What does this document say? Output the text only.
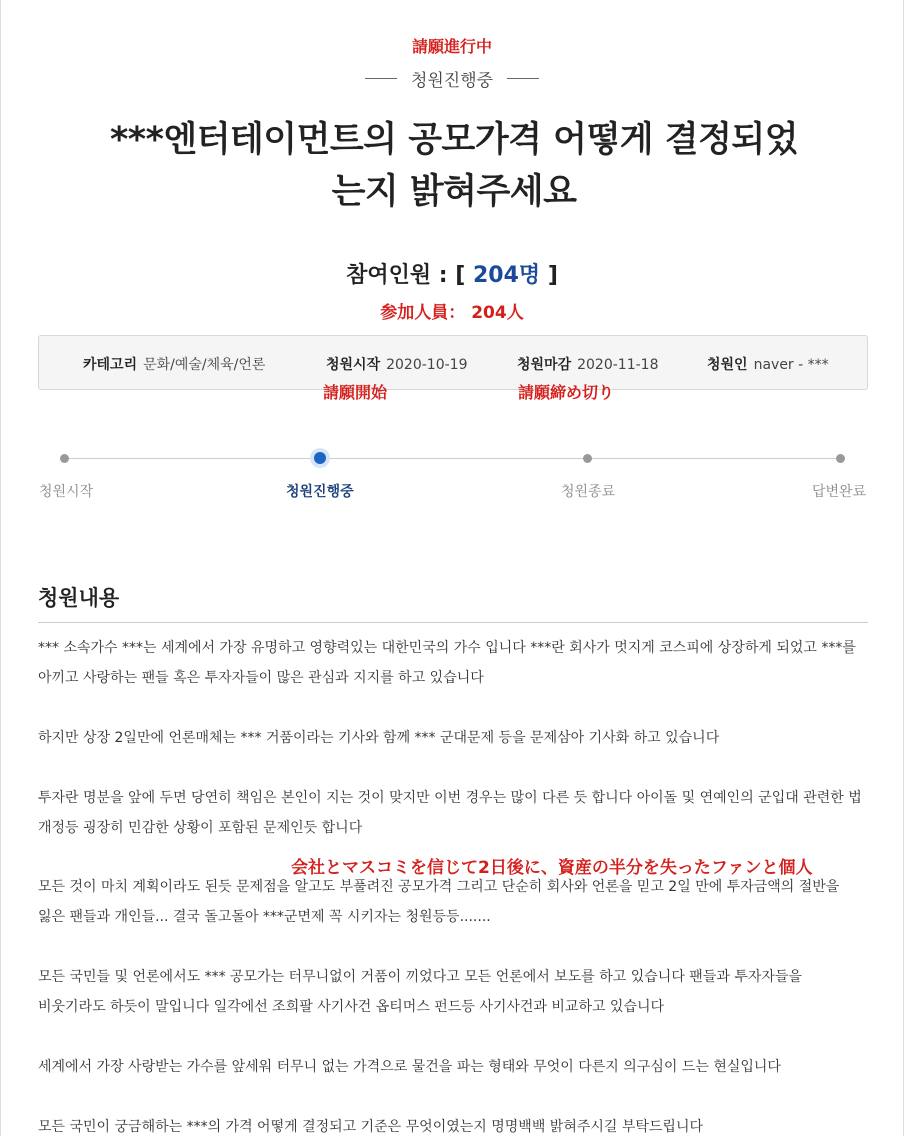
請願進行中
청원진행중
***엔터테이먼트의 공모가격 어떻게 결정되었
는지 밝혀주세요
참여인원 : [ 204명 ]
参加人員： 204人
카테고리 문화/예술/체육/언론	청원시작 2020-10-19	청원마감 2020-11-18	청원인 naver - ***
請願開始	請願締め切り
청원시작	청원진행중	청원종료	답변완료
청원내용
*** 소속가수 ***는 세계에서 가장 유명하고 영향력있는 대한민국의 가수 입니다 ***란 회사가 멋지게 코스피에 상장하게 되었고 ***를 아끼고 사랑하는 팬들 혹은 투자자들이 많은 관심과 지지를 하고 있습니다
하지만 상장 2일만에 언론매체는 *** 거품이라는 기사와 함께 *** 군대문제 등을 문제삼아 기사화 하고 있습니다
투자란 명분을 앞에 두면 당연히 책임은 본인이 지는 것이 맞지만 이번 경우는 많이 다른 듯 합니다 아이돌 및 연예인의 군입대 관련한 법 개정등 굉장히 민감한 상황이 포함된 문제인듯 합니다
会社とマスコミを信じて2日後に、資産の半分を失ったファンと個人
모든 것이 마치 계획이라도 된듯 문제점을 알고도 부풀려진 공모가격 그리고 단순히 회사와 언론을 믿고 2일 만에 투자금액의 절반을 잃은 팬들과 개인들... 결국 돌고돌아 ***군면제 꼭 시키자는 청원등등.......
모든 국민들 및 언론에서도 *** 공모가는 터무니없이 거품이 끼었다고 모든 언론에서 보도를 하고 있습니다 팬들과 투자자들을 비웃기라도 하듯이 말입니다 일각에선 조희팔 사기사건 옵티머스 펀드등 사기사건과 비교하고 있습니다
세계에서 가장 사랑받는 가수를 앞세워 터무니 없는 가격으로 물건을 파는 형태와 무엇이 다른지 의구심이 드는 현실입니다
모든 국민이 궁금해하는 ***의 가격 어떻게 결정되고 기준은 무엇이였는지 명명백백 밝혀주시길 부탁드립니다
